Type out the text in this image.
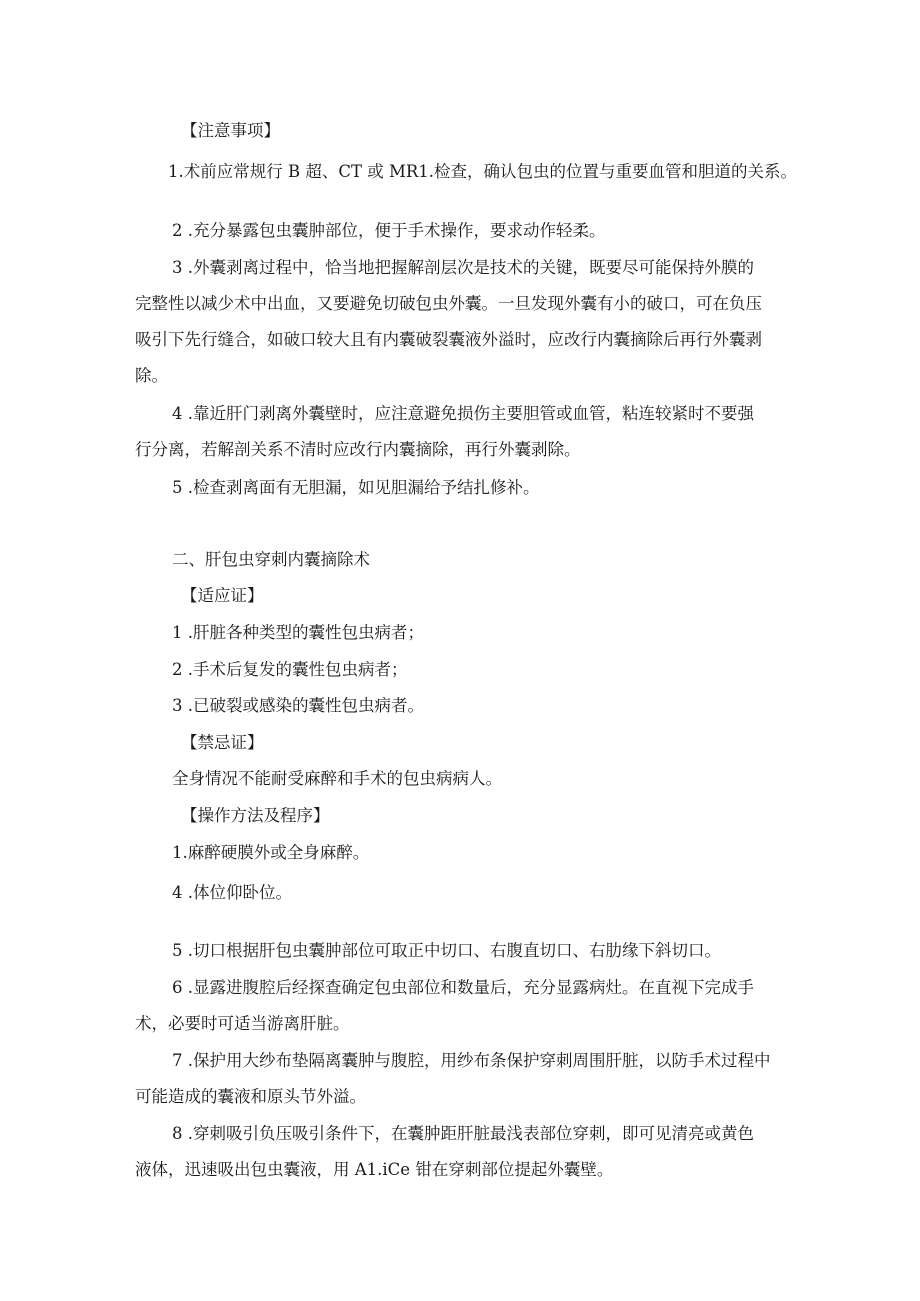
【注意事项】
1.术前应常规行 B 超、CT 或 MR1.检查，确认包虫的位置与重要血管和胆道的关系。
2 .充分暴露包虫囊肿部位，便于手术操作，要求动作轻柔。
3 .外囊剥离过程中，恰当地把握解剖层次是技术的关键，既要尽可能保持外膜的
完整性以减少术中出血，又要避免切破包虫外囊。一旦发现外囊有小的破口，可在负压
吸引下先行缝合，如破口较大且有内囊破裂囊液外溢时，应改行内囊摘除后再行外囊剥
除。
4 .靠近肝门剥离外囊壁时，应注意避免损伤主要胆管或血管，粘连较紧时不要强
行分离，若解剖关系不清时应改行内囊摘除，再行外囊剥除。
5 .检查剥离面有无胆漏，如见胆漏给予结扎修补。
二、肝包虫穿刺内囊摘除术
【适应证】
1 .肝脏各种类型的囊性包虫病者；
2 .手术后复发的囊性包虫病者；
3 .已破裂或感染的囊性包虫病者。
【禁忌证】
全身情况不能耐受麻醉和手术的包虫病病人。
【操作方法及程序】
1.麻醉硬膜外或全身麻醉。
4 .体位仰卧位。
5 .切口根据肝包虫囊肿部位可取正中切口、右腹直切口、右肋缘下斜切口。
6 .显露进腹腔后经探查确定包虫部位和数量后，充分显露病灶。在直视下完成手
术，必要时可适当游离肝脏。
7 .保护用大纱布垫隔离囊肿与腹腔，用纱布条保护穿刺周围肝脏，以防手术过程中
可能造成的囊液和原头节外溢。
8 .穿刺吸引负压吸引条件下，在囊肿距肝脏最浅表部位穿刺，即可见清亮或黄色
液体，迅速吸出包虫囊液，用 A1.iCe 钳在穿刺部位提起外囊壁。
